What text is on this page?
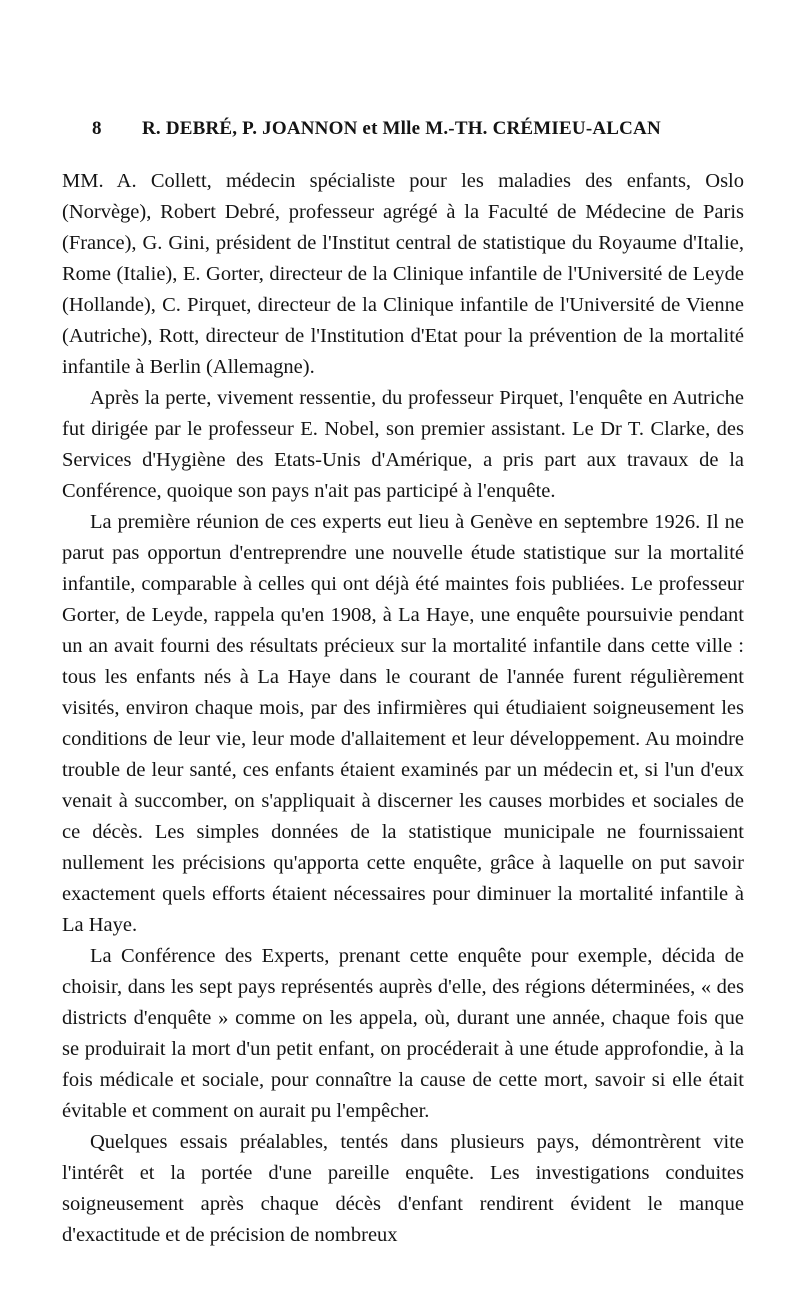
8 R. DEBRÉ, P. JOANNON et Mlle M.-TH. CRÉMIEU-ALCAN

MM. A. Collett, médecin spécialiste pour les maladies des enfants, Oslo (Norvège), Robert Debré, professeur agrégé à la Faculté de Médecine de Paris (France), G. Gini, président de l'Institut central de statistique du Royaume d'Italie, Rome (Italie), E. Gorter, directeur de la Clinique infantile de l'Université de Leyde (Hollande), C. Pirquet, directeur de la Clinique infantile de l'Université de Vienne (Autriche), Rott, directeur de l'Institution d'Etat pour la prévention de la mortalité infantile à Berlin (Allemagne).

Après la perte, vivement ressentie, du professeur Pirquet, l'enquête en Autriche fut dirigée par le professeur E. Nobel, son premier assistant. Le Dr T. Clarke, des Services d'Hygiène des Etats-Unis d'Amérique, a pris part aux travaux de la Conférence, quoique son pays n'ait pas participé à l'enquête.

La première réunion de ces experts eut lieu à Genève en septembre 1926. Il ne parut pas opportun d'entreprendre une nouvelle étude statistique sur la mortalité infantile, comparable à celles qui ont déjà été maintes fois publiées. Le professeur Gorter, de Leyde, rappela qu'en 1908, à La Haye, une enquête poursuivie pendant un an avait fourni des résultats précieux sur la mortalité infantile dans cette ville : tous les enfants nés à La Haye dans le courant de l'année furent régulièrement visités, environ chaque mois, par des infirmières qui étudiaient soigneusement les conditions de leur vie, leur mode d'allaitement et leur développement. Au moindre trouble de leur santé, ces enfants étaient examinés par un médecin et, si l'un d'eux venait à succomber, on s'appliquait à discerner les causes morbides et sociales de ce décès. Les simples données de la statistique municipale ne fournissaient nullement les précisions qu'apporta cette enquête, grâce à laquelle on put savoir exactement quels efforts étaient nécessaires pour diminuer la mortalité infantile à La Haye.

La Conférence des Experts, prenant cette enquête pour exemple, décida de choisir, dans les sept pays représentés auprès d'elle, des régions déterminées, « des districts d'enquête » comme on les appela, où, durant une année, chaque fois que se produirait la mort d'un petit enfant, on procéderait à une étude approfondie, à la fois médicale et sociale, pour connaître la cause de cette mort, savoir si elle était évitable et comment on aurait pu l'empêcher.

Quelques essais préalables, tentés dans plusieurs pays, démontrèrent vite l'intérêt et la portée d'une pareille enquête. Les investigations conduites soigneusement après chaque décès d'enfant rendirent évident le manque d'exactitude et de précision de nombreux
